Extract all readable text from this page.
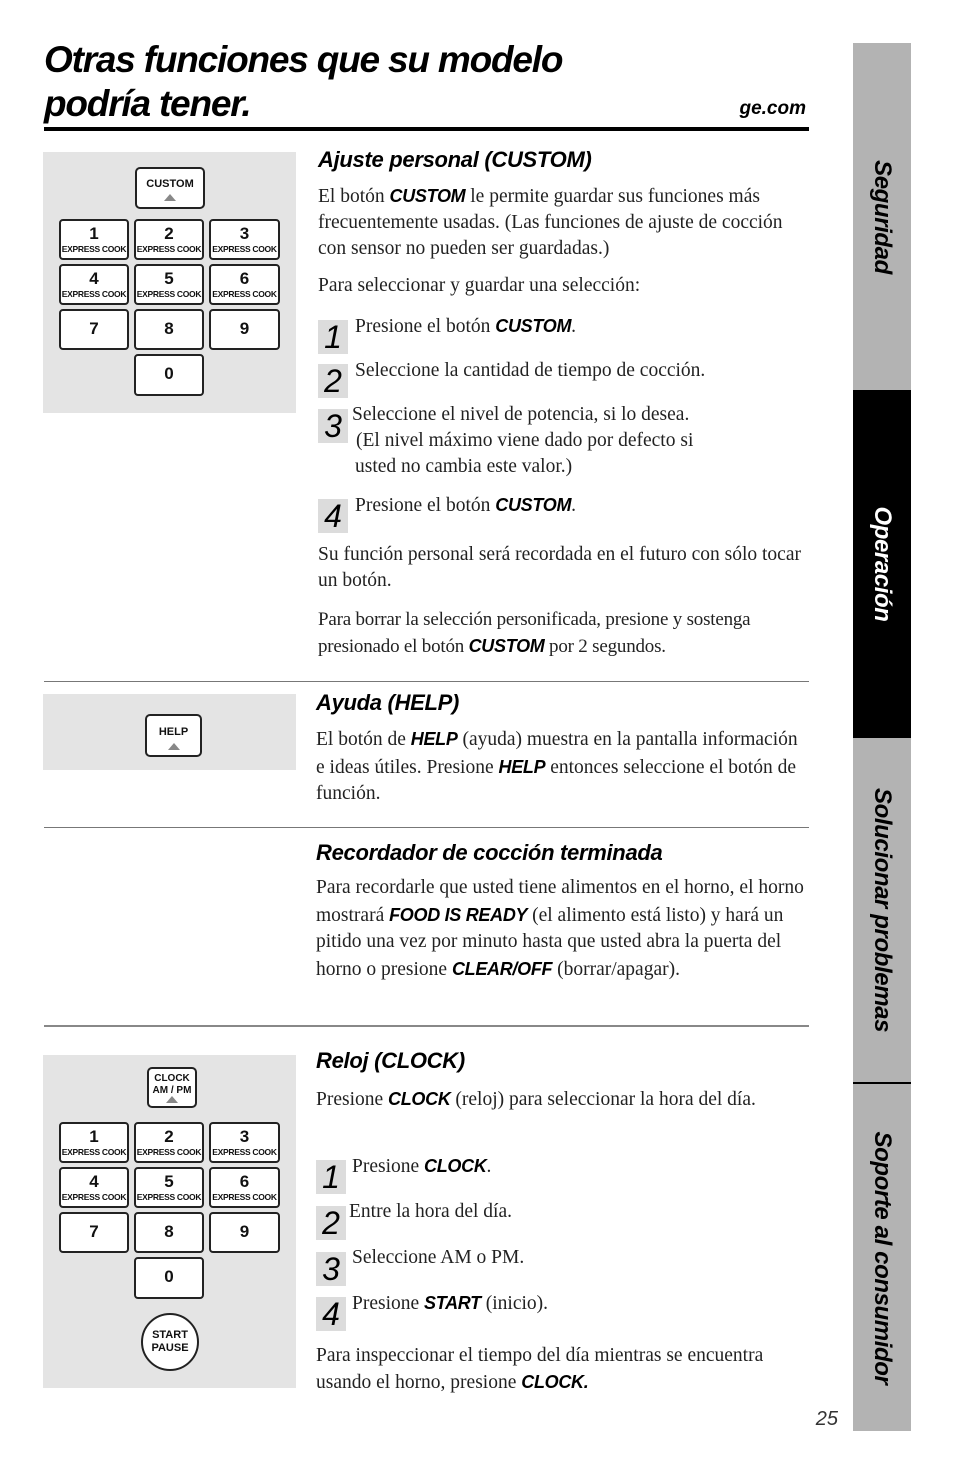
Otras funciones que su modelo
podría tener.	ge.com
Seguridad
Operación
Solucionar problemas
Soporte al consumidor
CUSTOM
1
EXPRESS COOK
2
EXPRESS COOK
3
EXPRESS COOK
4
EXPRESS COOK
5
EXPRESS COOK
6
EXPRESS COOK
7	8	9
0
Ajuste personal (CUSTOM)
El botón CUSTOM le permite guardar sus funciones más frecuentemente usadas. (Las funciones de ajuste de cocción con sensor no pueden ser guardadas.)
Para seleccionar y guardar una selección:
1 Presione el botón CUSTOM.
2 Seleccione la cantidad de tiempo de cocción.
3 Seleccione el nivel de potencia, si lo desea.
(El nivel máximo viene dado por defecto si
usted no cambia este valor.)
4 Presione el botón CUSTOM.
Su función personal será recordada en el futuro con sólo tocar un botón.
Para borrar la selección personificada, presione y sostenga presionado el botón CUSTOM por 2 segundos.
HELP
Ayuda (HELP)
El botón de HELP (ayuda) muestra en la pantalla información e ideas útiles. Presione HELP entonces seleccione el botón de función.
Recordador de cocción terminada
Para recordarle que usted tiene alimentos en el horno, el horno mostrará FOOD IS READY (el alimento está listo) y hará un pitido una vez por minuto hasta que usted abra la puerta del horno o presione CLEAR/OFF (borrar/apagar).
CLOCK
AM / PM
1
EXPRESS COOK
2
EXPRESS COOK
3
EXPRESS COOK
4
EXPRESS COOK
5
EXPRESS COOK
6
EXPRESS COOK
7	8	9
0
START
PAUSE
Reloj (CLOCK)
Presione CLOCK (reloj) para seleccionar la hora del día.
1 Presione CLOCK.
2 Entre la hora del día.
3 Seleccione AM o PM.
4 Presione START (inicio).
Para inspeccionar el tiempo del día mientras se encuentra usando el horno, presione CLOCK.
25
